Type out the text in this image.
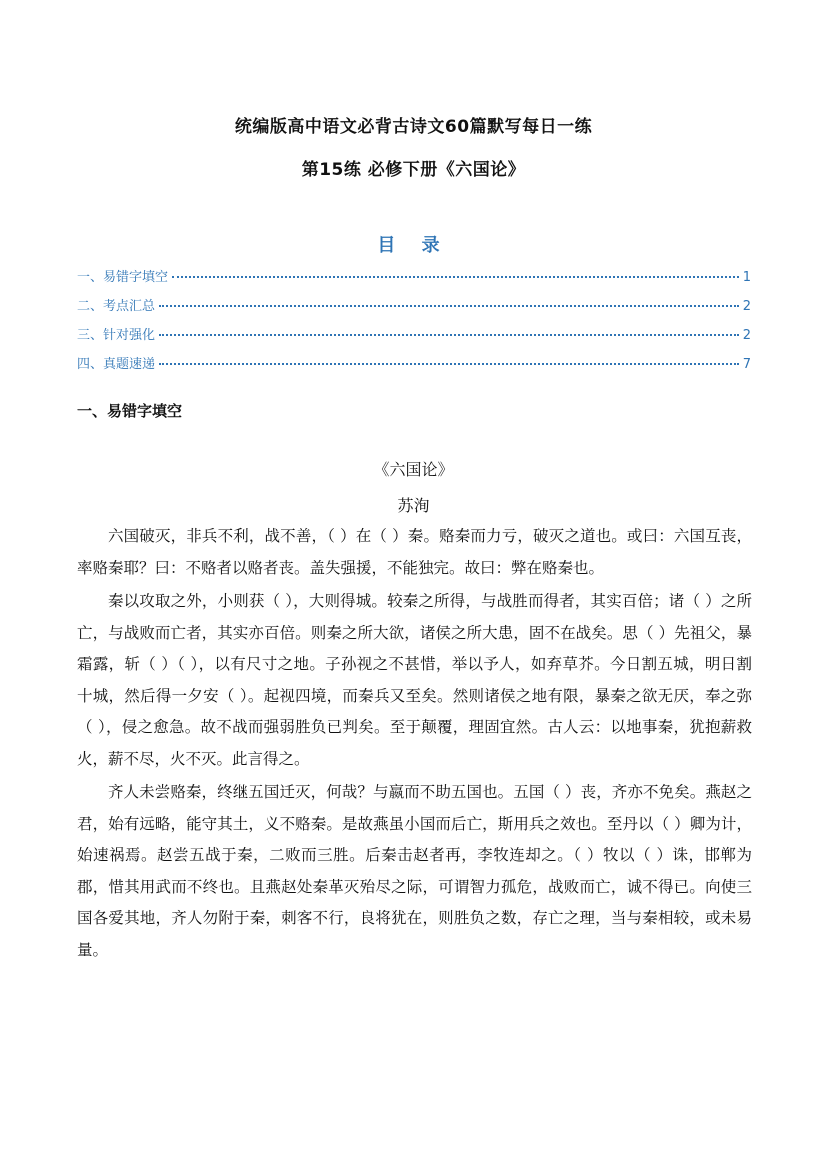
统编版高中语文必背古诗文60篇默写每日一练
第15练 必修下册《六国论》
目 录
一、易错字填空	1
二、考点汇总	2
三、针对强化	2
四、真题速递	7
一、易错字填空
《六国论》
苏洵

六国破灭，非兵不利，战不善，（ ）在（ ）秦。赂秦而力亏，破灭之道也。或曰：六国互丧，率赂秦耶？曰：不赂者以赂者丧。盖失强援，不能独完。故曰：弊在赂秦也。

秦以攻取之外，小则获（ ），大则得城。较秦之所得，与战胜而得者，其实百倍；诸（ ）之所亡，与战败而亡者，其实亦百倍。则秦之所大欲，诸侯之所大患，固不在战矣。思（ ）先祖父，暴霜露，斩（ ）（ ），以有尺寸之地。子孙视之不甚惜，举以予人，如弃草芥。今日割五城，明日割十城，然后得一夕安（ ）。起视四境，而秦兵又至矣。然则诸侯之地有限，暴秦之欲无厌，奉之弥（ ），侵之愈急。故不战而强弱胜负已判矣。至于颠覆，理固宜然。古人云：以地事秦，犹抱薪救火，薪不尽，火不灭。此言得之。

齐人未尝赂秦，终继五国迁灭，何哉？与嬴而不助五国也。五国（ ）丧，齐亦不免矣。燕赵之君，始有远略，能守其土，义不赂秦。是故燕虽小国而后亡，斯用兵之效也。至丹以（ ）卿为计，始速祸焉。赵尝五战于秦，二败而三胜。后秦击赵者再，李牧连却之。（ ）牧以（ ）诛，邯郸为郡，惜其用武而不终也。且燕赵处秦革灭殆尽之际，可谓智力孤危，战败而亡，诚不得已。向使三国各爱其地，齐人勿附于秦，刺客不行，良将犹在，则胜负之数，存亡之理，当与秦相较，或未易量。
